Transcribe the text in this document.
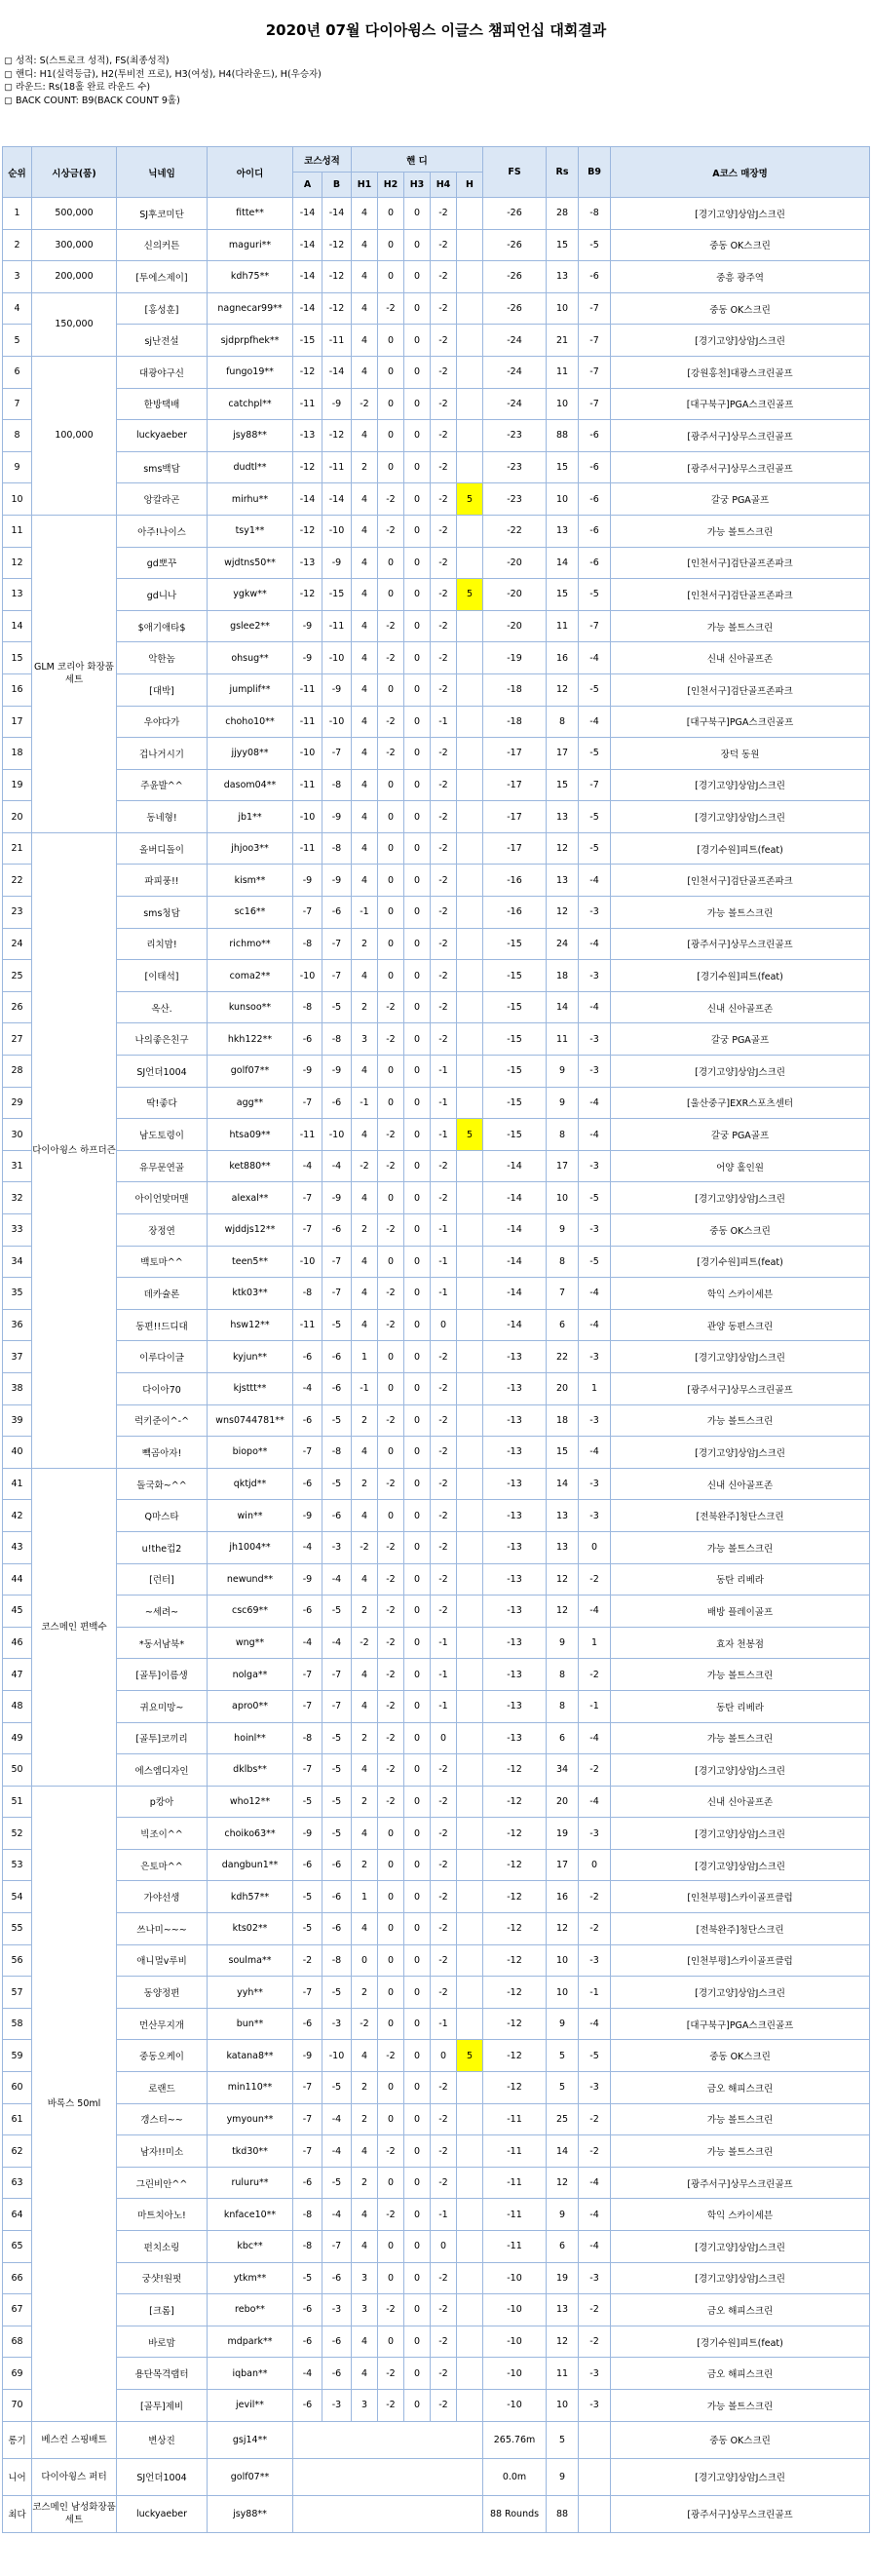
2020년 07월 다이아윙스 이글스 챔피언십 대회결과
▢ 성적: S(스트로크 성적), FS(최종성적)
▢ 핸디: H1(실력등급), H2(투비전 프로), H3(여성), H4(다라운드), H(우승자)
▢ 라운드: Rs(18홀 완료 라운드 수)
▢ BACK COUNT: B9(BACK COUNT 9홀)
순위	시상금(품)	닉네임	아이디	코스성적		핸 디					FS	Rs	B9	A코스 매장명
				A	B	H1	H2	H3	H4	H				
1	500,000	SJ후코미단	fitte**	-14	-14	4	0	0	-2		-26	28	-8	[경기고양]상암J스크린
2	300,000	신의커튼	maguri**	-14	-12	4	0	0	-2		-26	15	-5	중동 OK스크린
3	200,000	[투에스제이]	kdh75**	-14	-12	4	0	0	-2		-26	13	-6	중흥 광주역
4	150,000	[홍성훈]	nagnecar99**	-14	-12	4	-2	0	-2		-26	10	-7	중동 OK스크린
5		sj난전설	sjdprpfhek**	-15	-11	4	0	0	-2		-24	21	-7	[경기고양]상암J스크린
6	100,000	대광야구신	fungo19**	-12	-14	4	0	0	-2		-24	11	-7	[강원홍천]대광스크린골프
7		한방택배	catchpl**	-11	-9	-2	0	0	-2		-24	10	-7	[대구북구]PGA스크린골프
8		luckyaeber	jsy88**	-13	-12	4	0	0	-2		-23	88	-6	[광주서구]상무스크린골프
9		sms백담	dudtl**	-12	-11	2	0	0	-2		-23	15	-6	[광주서구]상무스크린골프
10		앙칼라곤	mirhu**	-14	-14	4	-2	0	-2	5	-23	10	-6	갈궁 PGA골프
11	GLM 코리아 화장품 세트	아주!나이스	tsy1**	-12	-10	4	-2	0	-2		-22	13	-6	가능 볼트스크린
12		gd뽀꾸	wjdtns50**	-13	-9	4	0	0	-2		-20	14	-6	[인천서구]검단골프존파크
13		gd니나	ygkw**	-12	-15	4	0	0	-2	5	-20	15	-5	[인천서구]검단골프존파크
14		$애기애타$	gslee2**	-9	-11	4	-2	0	-2		-20	11	-7	가능 볼트스크린
15		악한놈	ohsug**	-9	-10	4	-2	0	-2		-19	16	-4	신내 신아골프존
16		[대박]	jumplif**	-11	-9	4	0	0	-2		-18	12	-5	[인천서구]검단골프존파크
17		우야다가	choho10**	-11	-10	4	-2	0	-1		-18	8	-4	[대구북구]PGA스크린골프
18		겁나거시기	jjyy08**	-10	-7	4	-2	0	-2		-17	17	-5	장덕 동원
19		주윤발^^	dasom04**	-11	-8	4	0	0	-2		-17	15	-7	[경기고양]상암J스크린
20		동네형!	jb1**	-10	-9	4	0	0	-2		-17	13	-5	[경기고양]상암J스크린
21	다이아윙스 하프더즌	올버디돌이	jhjoo3**	-11	-8	4	0	0	-2		-17	12	-5	[경기수원]피트(feat)
22		파피풍!!	kism**	-9	-9	4	0	0	-2		-16	13	-4	[인천서구]검단골프존파크
23		sms청담	sc16**	-7	-6	-1	0	0	-2		-16	12	-3	가능 볼트스크린
24		리치맘!	richmo**	-8	-7	2	0	0	-2		-15	24	-4	[광주서구]상무스크린골프
25		[이태석]	coma2**	-10	-7	4	0	0	-2		-15	18	-3	[경기수원]피트(feat)
26		옥산.	kunsoo**	-8	-5	2	-2	0	-2		-15	14	-4	신내 신아골프존
27		나의좋은친구	hkh122**	-6	-8	3	-2	0	-2		-15	11	-3	갈궁 PGA골프
28		SJ언더1004	golf07**	-9	-9	4	0	0	-1		-15	9	-3	[경기고양]상암J스크린
29		딱!좋다	agg**	-7	-6	-1	0	0	-1		-15	9	-4	[울산중구]EXR스포츠센터
30		남도토령이	htsa09**	-11	-10	4	-2	0	-1	5	-15	8	-4	갈궁 PGA골프
31		유무문연골	ket880**	-4	-4	-2	-2	0	-2		-14	17	-3	어양 홀인원
32		아이언맞머맨	alexal**	-7	-9	4	0	0	-2		-14	10	-5	[경기고양]상암J스크린
33		장정연	wjddjs12**	-7	-6	2	-2	0	-1		-14	9	-3	중동 OK스크린
34		백토마^^	teen5**	-10	-7	4	0	0	-1		-14	8	-5	[경기수원]피트(feat)
35		데카슐론	ktk03**	-8	-7	4	-2	0	-1		-14	7	-4	학익 스카이세븐
36		동편!!드디대	hsw12**	-11	-5	4	-2	0	0		-14	6	-4	관양 동편스크린
37		이루다이글	kyjun**	-6	-6	1	0	0	-2		-13	22	-3	[경기고양]상암J스크린
38		다이아70	kjsttt**	-4	-6	-1	0	0	-2		-13	20	1	[광주서구]상무스크린골프
39		럭키준이^-^	wns0744781**	-6	-5	2	-2	0	-2		-13	18	-3	가능 볼트스크린
40		빽곰아자!	biopo**	-7	-8	4	0	0	-2		-13	15	-4	[경기고양]상암J스크린
41	코스메인 편백수	돌국화~^^	qktjd**	-6	-5	2	-2	0	-2		-13	14	-3	신내 신아골프존
42		Q마스타	win**	-9	-6	4	0	0	-2		-13	13	-3	[전북완주]청단스크린
43		u!the컵2	jh1004**	-4	-3	-2	-2	0	-2		-13	13	0	가능 볼트스크린
44		[런터]	newund**	-9	-4	4	-2	0	-2		-13	12	-2	동탄 리베라
45		~세려~	csc69**	-6	-5	2	-2	0	-2		-13	12	-4	배방 플레이골프
46		*동서남북*	wng**	-4	-4	-2	-2	0	-1		-13	9	1	효자 천봉점
47		[골투]이름생	nolga**	-7	-7	4	-2	0	-1		-13	8	-2	가능 볼트스크린
48		귀요미망~	apro0**	-7	-7	4	-2	0	-1		-13	8	-1	동탄 리베라
49		[골투]코끼리	hoinl**	-8	-5	2	-2	0	0		-13	6	-4	가능 볼트스크린
50		에스엠디자인	dklbs**	-7	-5	4	-2	0	-2		-12	34	-2	[경기고양]상암J스크린
51	바록스 50ml	p캉아	who12**	-5	-5	2	-2	0	-2		-12	20	-4	신내 신아골프존
52		빅조이^^	choiko63**	-9	-5	4	0	0	-2		-12	19	-3	[경기고양]상암J스크린
53		은토마^^	dangbun1**	-6	-6	2	0	0	-2		-12	17	0	[경기고양]상암J스크린
54		가야선생	kdh57**	-5	-6	1	0	0	-2		-12	16	-2	[인천부평]스카이골프클럽
55		쓰나미~~~	kts02**	-5	-6	4	0	0	-2		-12	12	-2	[전북완주]청단스크린
56		애니멀v루비	soulma**	-2	-8	0	0	0	-2		-12	10	-3	[인천부평]스카이골프클럽
57		동양정편	yyh**	-7	-5	2	0	0	-2		-12	10	-1	[경기고양]상암J스크린
58		먼산무지개	bun**	-6	-3	-2	0	0	-1		-12	9	-4	[대구북구]PGA스크린골프
59		중동오케이	katana8**	-9	-10	4	-2	0	0	5	-12	5	-5	중동 OK스크린
60		로랜드	min110**	-7	-5	2	0	0	-2		-12	5	-3	금오 해피스크린
61		갱스터~~	ymyoun**	-7	-4	2	0	0	-2		-11	25	-2	가능 볼트스크린
62		남자!!미소	tkd30**	-7	-4	4	-2	0	-2		-11	14	-2	가능 볼트스크린
63		그린비안^^	ruluru**	-6	-5	2	0	0	-2		-11	12	-4	[광주서구]상무스크린골프
64		마트치아노!	knface10**	-8	-4	4	-2	0	-1		-11	9	-4	학익 스카이세븐
65		펀치소링	kbc**	-8	-7	4	0	0	0		-11	6	-4	[경기고양]상암J스크린
66		궁샷!원펏	ytkm**	-5	-6	3	0	0	-2		-10	19	-3	[경기고양]상암J스크린
67		[크롬]	rebo**	-6	-3	3	-2	0	-2		-10	13	-2	금오 해피스크린
68		바로맘	mdpark**	-6	-6	4	0	0	-2		-10	12	-2	[경기수원]피트(feat)
69		용단목격랩터	iqban**	-4	-6	4	-2	0	-2		-10	11	-3	금오 해피스크린
70		[골투]제비	jevil**	-6	-3	3	-2	0	-2		-10	10	-3	가능 볼트스크린
롱기	베스컨 스핑배트	변상진	gsj14**								265.76m	5		중동 OK스크린
니어	다이아윙스 퍼터	SJ언더1004	golf07**								0.0m	9		[경기고양]상암J스크린
최다	코스메인 남성화장품세트	luckyaeber	jsy88**								88 Rounds	88		[광주서구]상무스크린골프
